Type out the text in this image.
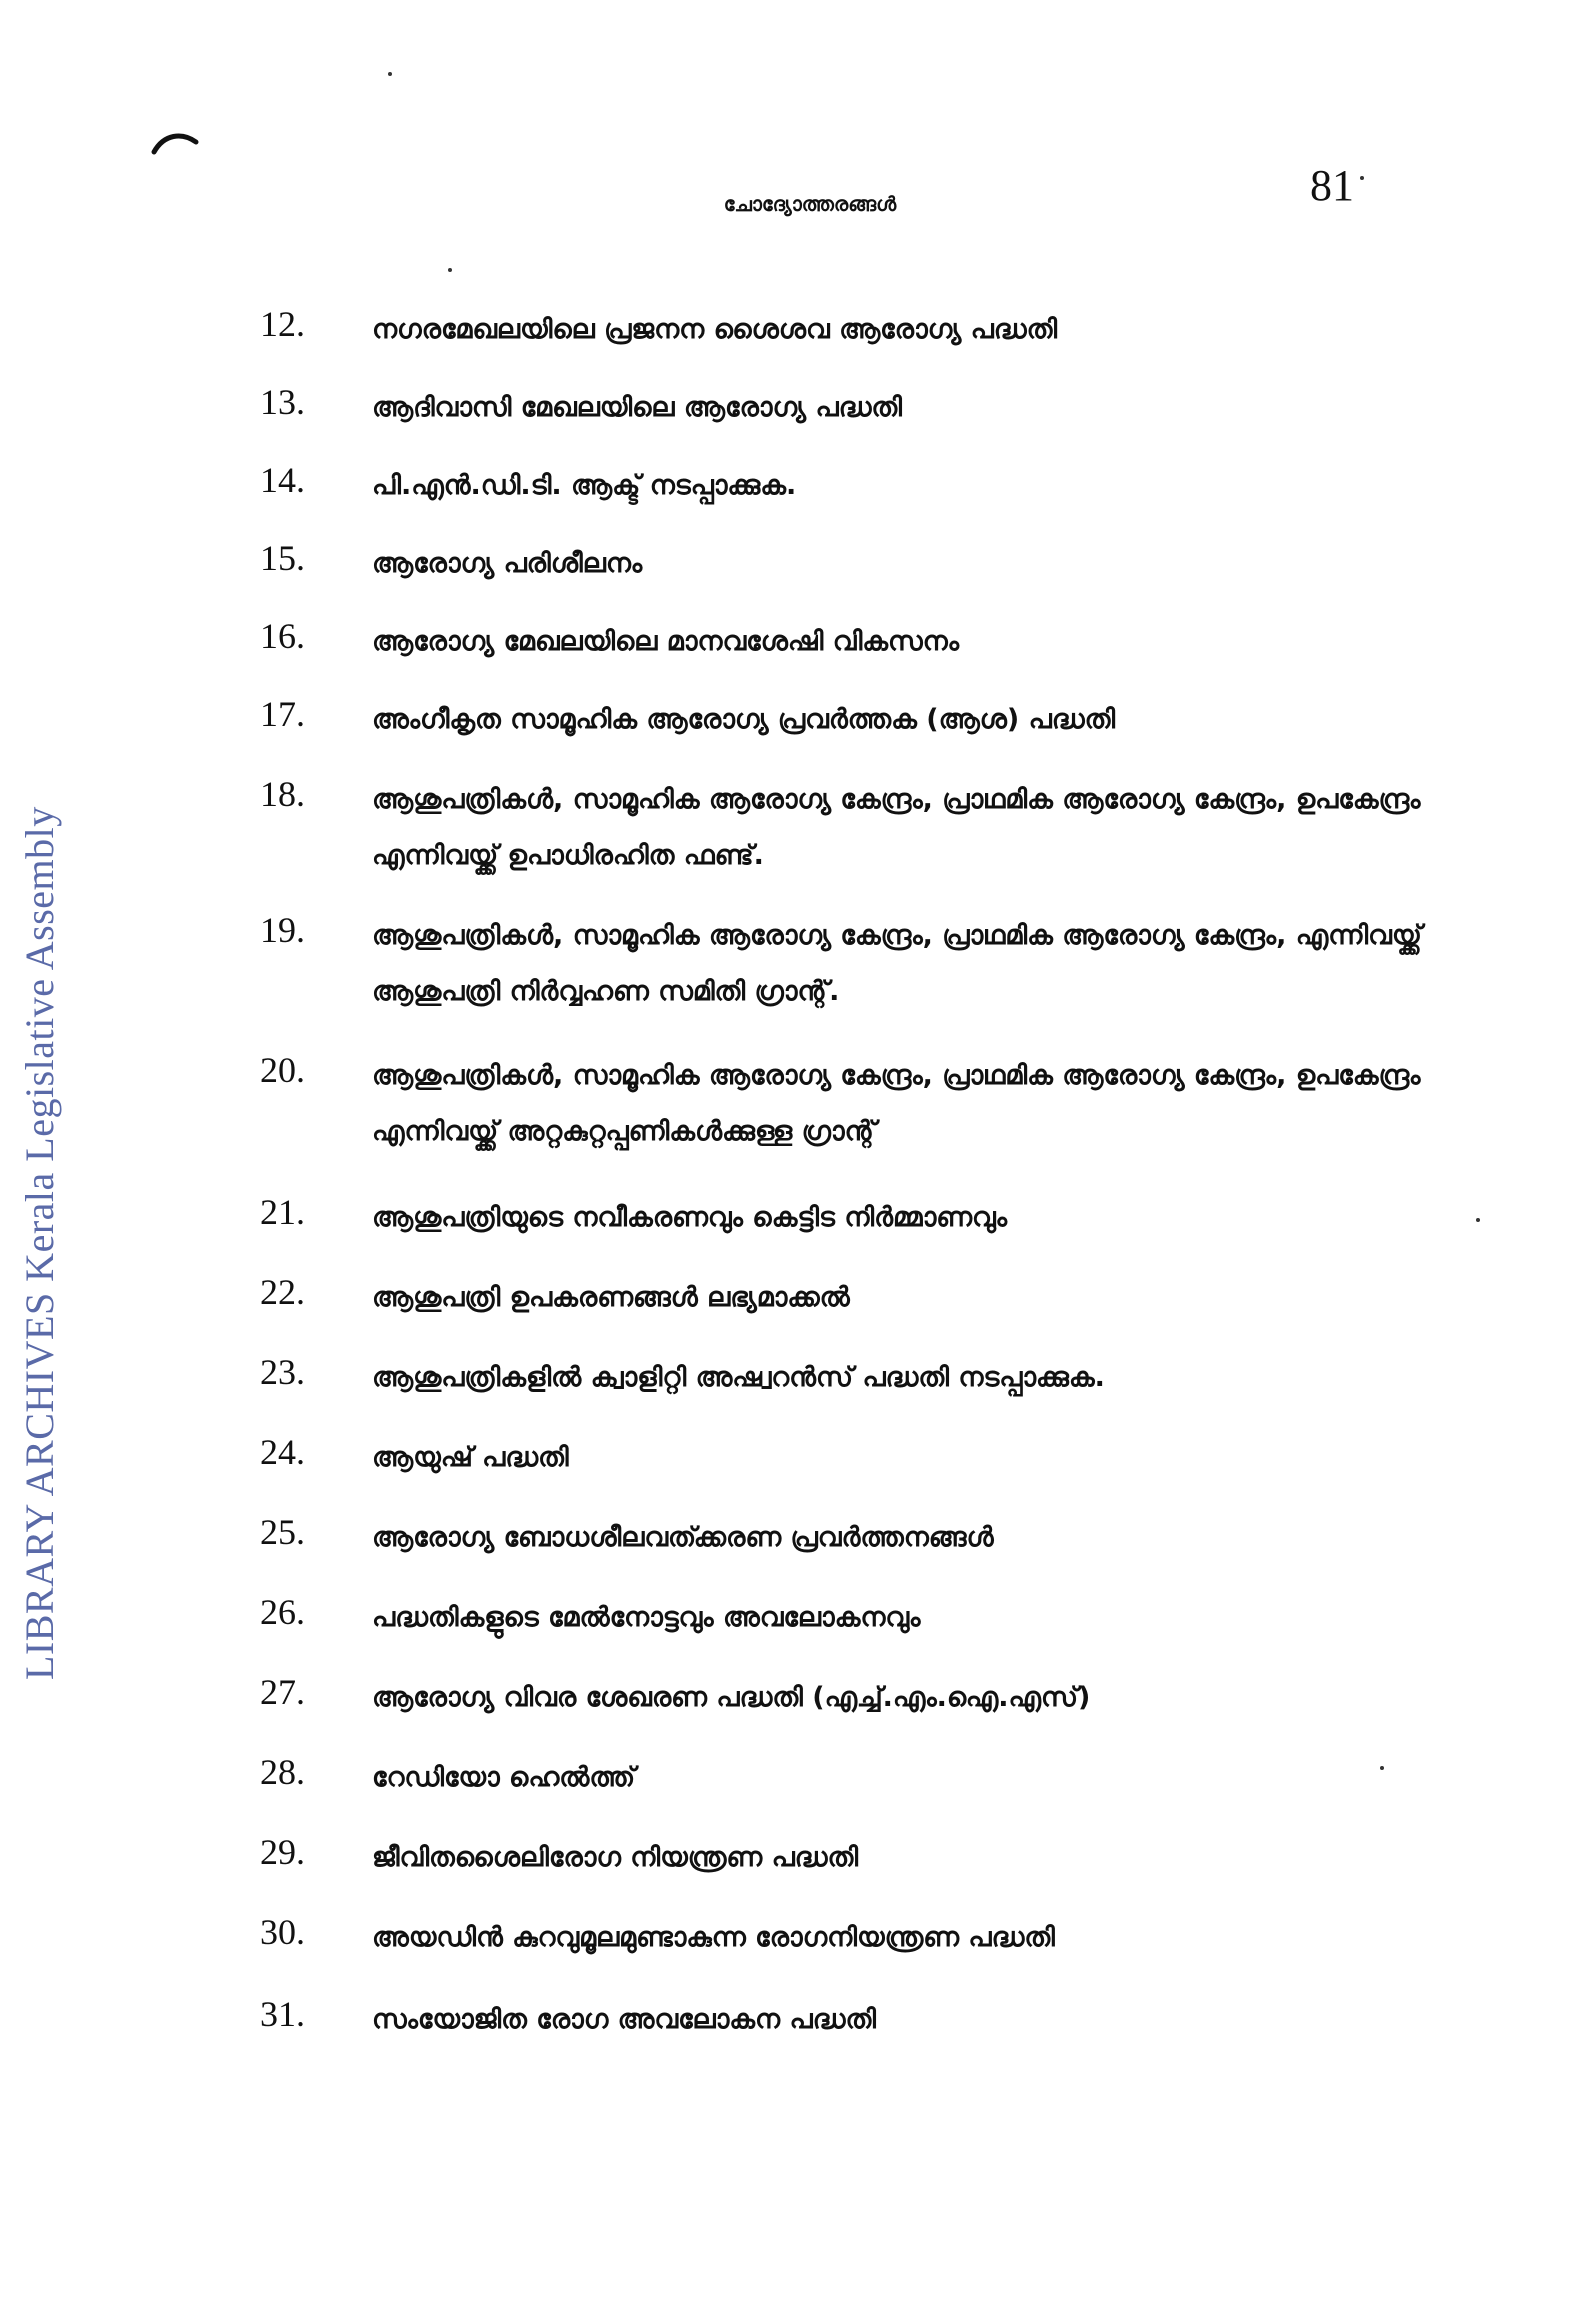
ചോദ്യോത്തരങ്ങൾ	81
LIBRARY ARCHIVES Kerala Legislative Assembly
12.	നഗരമേഖലയിലെ പ്രജനന ശൈശവ ആരോഗ്യ പദ്ധതി
13.	ആദിവാസി മേഖലയിലെ ആരോഗ്യ പദ്ധതി
14.	പി.എൻ.ഡി.ടി. ആക്ട് നടപ്പാക്കുക.
15.	ആരോഗ്യ പരിശീലനം
16.	ആരോഗ്യ മേഖലയിലെ മാനവശേഷി വികസനം
17.	അംഗീകൃത സാമൂഹിക ആരോഗ്യ പ്രവർത്തക (ആശ) പദ്ധതി
18.	ആശുപത്രികൾ, സാമൂഹിക ആരോഗ്യ കേന്ദ്രം, പ്രാഥമിക ആരോഗ്യ കേന്ദ്രം, ഉപകേന്ദ്രം എന്നിവയ്ക്ക് ഉപാധിരഹിത ഫണ്ട്.
19.	ആശുപത്രികൾ, സാമൂഹിക ആരോഗ്യ കേന്ദ്രം, പ്രാഥമിക ആരോഗ്യ കേന്ദ്രം, എന്നിവയ്ക്ക് ആശുപത്രി നിർവ്വഹണ സമിതി ഗ്രാന്റ്.
20.	ആശുപത്രികൾ, സാമൂഹിക ആരോഗ്യ കേന്ദ്രം, പ്രാഥമിക ആരോഗ്യ കേന്ദ്രം, ഉപകേന്ദ്രം എന്നിവയ്ക്ക് അറ്റകുറ്റപ്പണികൾക്കുള്ള ഗ്രാന്റ്
21.	ആശുപത്രിയുടെ നവീകരണവും കെട്ടിട നിർമ്മാണവും
22.	ആശുപത്രി ഉപകരണങ്ങൾ ലഭ്യമാക്കൽ
23.	ആശുപത്രികളിൽ ക്വാളിറ്റി അഷ്വറൻസ് പദ്ധതി നടപ്പാക്കുക.
24.	ആയുഷ് പദ്ധതി
25.	ആരോഗ്യ ബോധശീലവത്ക്കരണ പ്രവർത്തനങ്ങൾ
26.	പദ്ധതികളുടെ മേൽനോട്ടവും അവലോകനവും
27.	ആരോഗ്യ വിവര ശേഖരണ പദ്ധതി (എച്ച്.എം.ഐ.എസ്)
28.	റേഡിയോ ഹെൽത്ത്
29.	ജീവിതശൈലിരോഗ നിയന്ത്രണ പദ്ധതി
30.	അയഡിൻ കുറവുമൂലമുണ്ടാകുന്ന രോഗനിയന്ത്രണ പദ്ധതി
31.	സംയോജിത രോഗ അവലോകന പദ്ധതി
